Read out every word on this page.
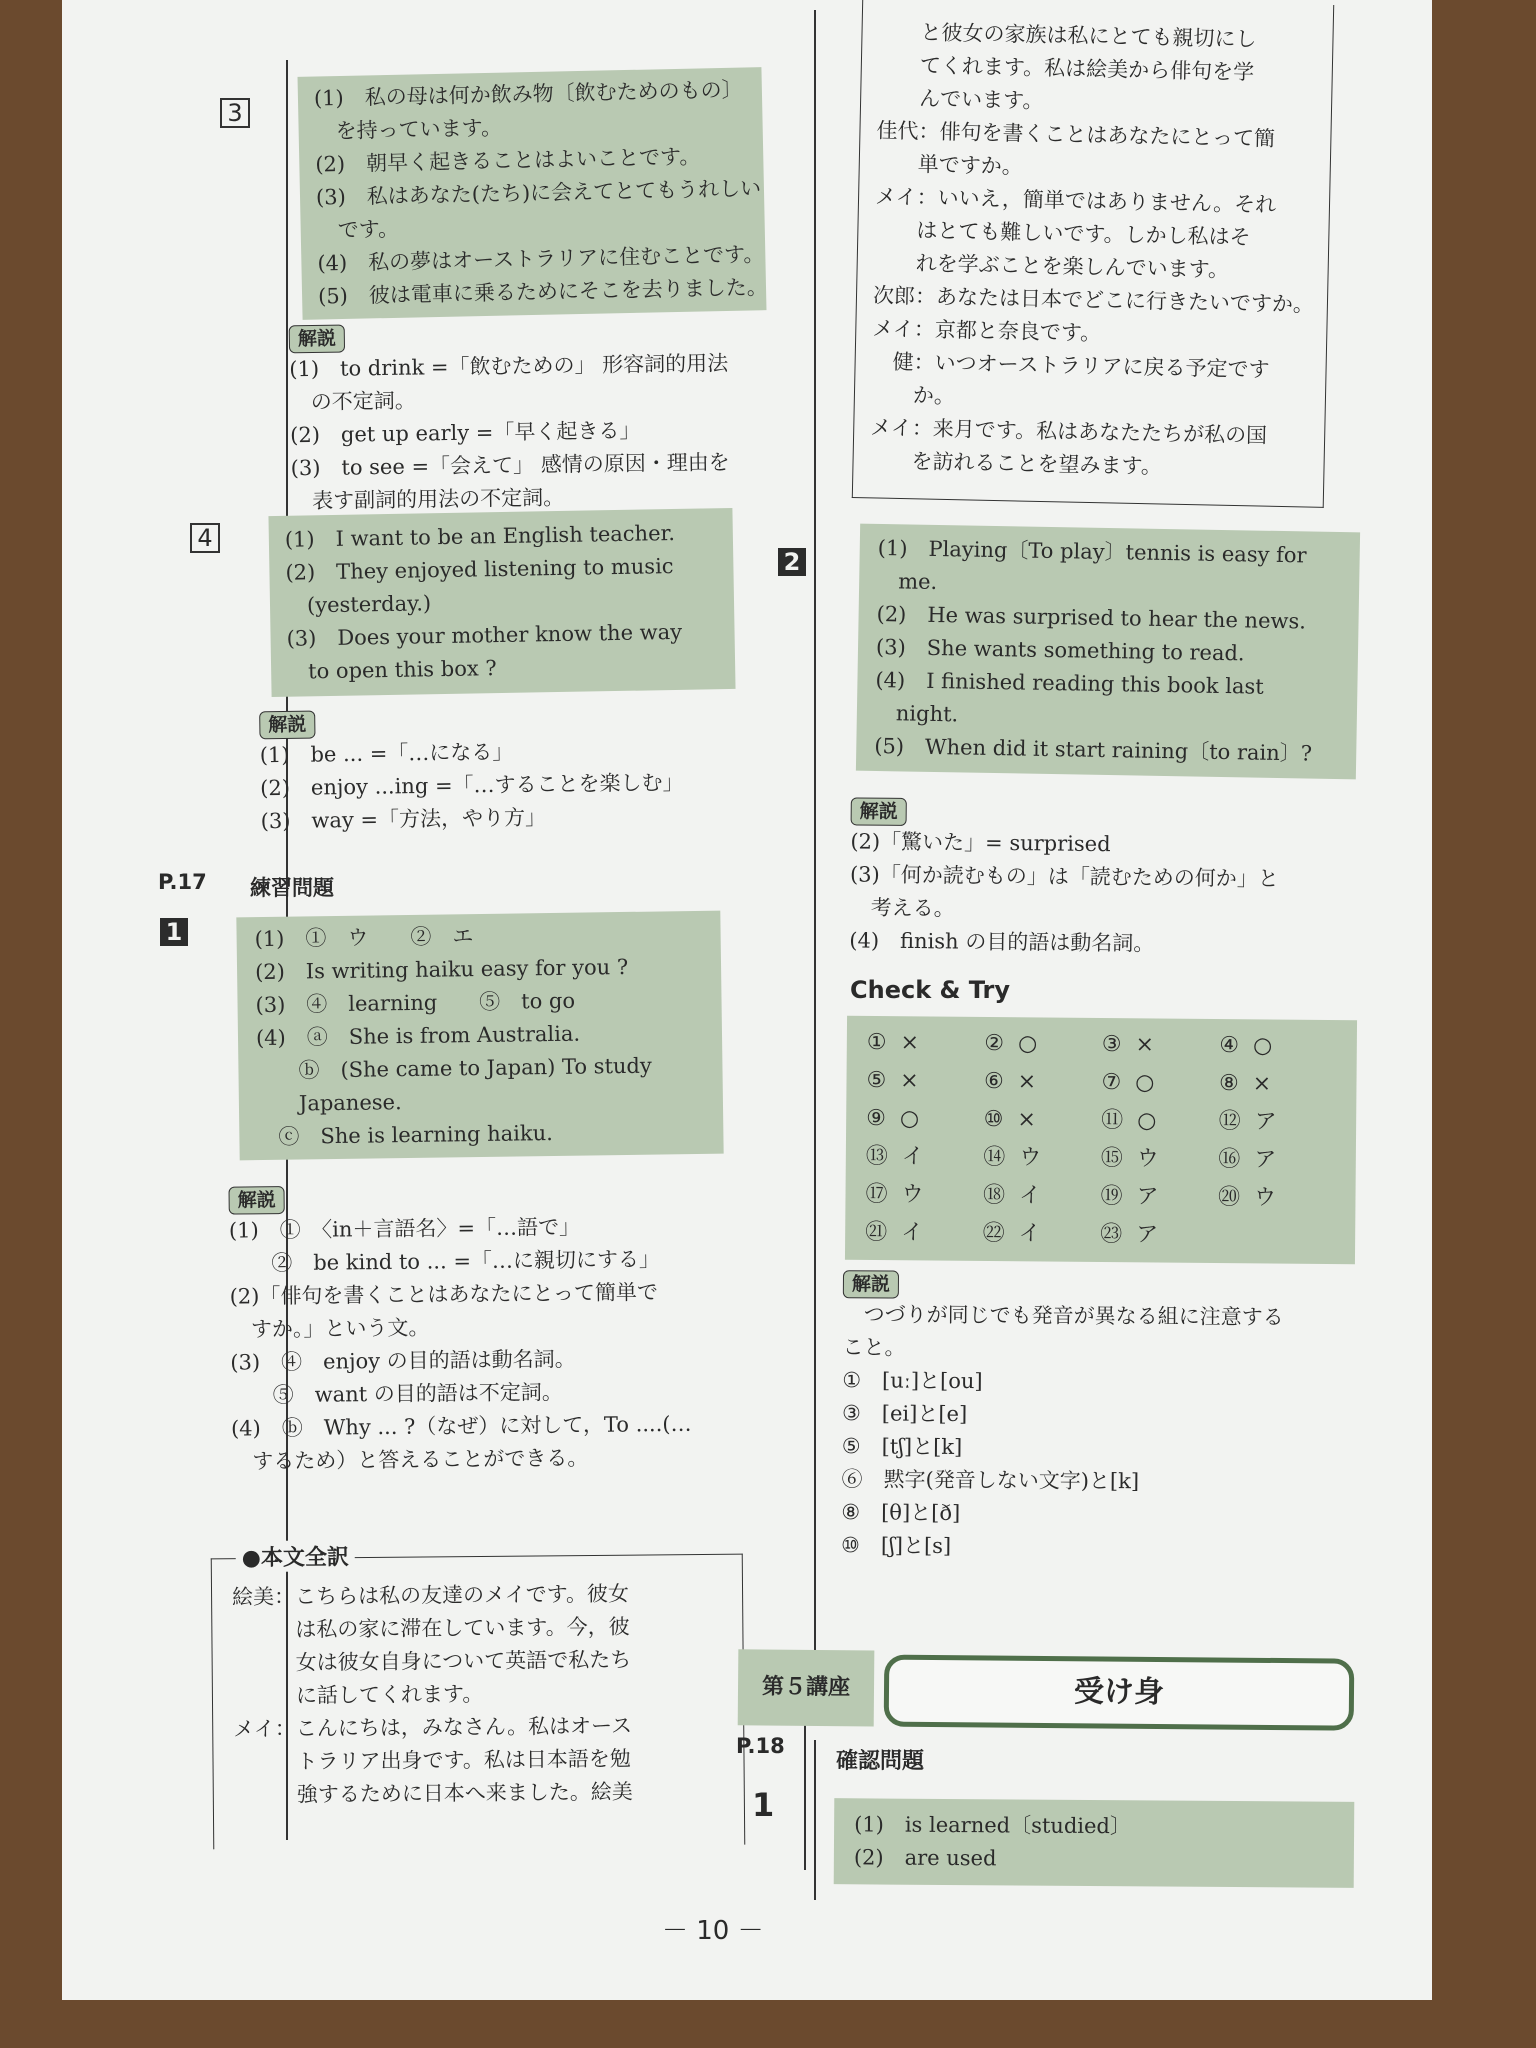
3

(1)　私の母は何か飲み物〔飲むためのもの〕

　を持っています。

(2)　朝早く起きることはよいことです。

(3)　私はあなた(たち)に会えてとてもうれしい

　です。

(4)　私の夢はオーストラリアに住むことです。

(5)　彼は電車に乗るためにそこを去りました。

解説

(1)　to drink =「飲むための」 形容詞的用法

　の不定詞。

(2)　get up early =「早く起きる」

(3)　to see =「会えて」 感情の原因・理由を

　表す副詞的用法の不定詞。

4	(1)　I want to be an English teacher.

(2)　They enjoyed listening to music

　(yesterday.)

(3)　Does your mother know the way

　to open this box ?

解説

(1)　be ... =「…になる」

(2)　enjoy ...ing =「…することを楽しむ」

(3)　way =「方法，やり方」

P.17 練習問題
1	(1)　①　ウ　　②　エ

(2)　Is writing haiku easy for you ?

(3)　④　learning　　⑤　to go

(4)　ⓐ　She is from Australia.

　　ⓑ　(She came to Japan) To study

　　Japanese.

　ⓒ　She is learning haiku.

解説

(1)　①　〈in＋言語名〉=「…語で」

　　②　be kind to ... =「…に親切にする」

(2)「俳句を書くことはあなたにとって簡単で

　すか。」という文。

(3)　④　enjoy の目的語は動名詞。

　　⑤　want の目的語は不定詞。

(4)　ⓑ　Why ... ?（なぜ）に対して，To ....(…

　するため）と答えることができる。

●本文全訳

絵美：こちらは私の友達のメイです。彼女

　　　は私の家に滞在しています。今，彼

　　　女は彼女自身について英語で私たち

　　　に話してくれます。

メイ：こんにちは，みなさん。私はオース

　　　トラリア出身です。私は日本語を勉

　　　強するために日本へ来ました。絵美

　　と彼女の家族は私にとても親切にし

　　てくれます。私は絵美から俳句を学

　　んでいます。

佳代：俳句を書くことはあなたにとって簡

　　単ですか。

メイ：いいえ，簡単ではありません。それ

　　はとても難しいです。しかし私はそ

　　れを学ぶことを楽しんでいます。

次郎：あなたは日本でどこに行きたいですか。

メイ：京都と奈良です。

　健：いつオーストラリアに戻る予定です

　　か。

メイ：来月です。私はあなたたちが私の国

　　を訪れることを望みます。

2	(1)　Playing〔To play〕tennis is easy for

　me.

(2)　He was surprised to hear the news.

(3)　She wants something to read.

(4)　I finished reading this book last

　night.

(5)　When did it start raining〔to rain〕?

解説

(2)「驚いた」= surprised

(3)「何か読むもの」は「読むための何か」と

　考える。

(4)　finish の目的語は動名詞。

Check & Try
① ×	② ○	③ ×	④ ○
⑤ ×	⑥ ×	⑦ ○	⑧ ×
⑨ ○	⑩ ×	⑪ ○	⑫ ア
⑬ イ	⑭ ウ	⑮ ウ	⑯ ア
⑰ ウ	⑱ イ	⑲ ア	⑳ ウ
㉑ イ	㉒ イ	㉓ ア
解説

　つづりが同じでも発音が異なる組に注意する

こと。

①　[uː]と[ou]

③　[ei]と[e]

⑤　[tʃ]と[k]

⑥　黙字(発音しない文字)と[k]

⑧　[θ]と[ð]

⑩　[ʃ]と[s]

第５講座	受け身
P.18
確認問題
1

(1)　is learned〔studied〕

(2)　are used

－ 10 －
